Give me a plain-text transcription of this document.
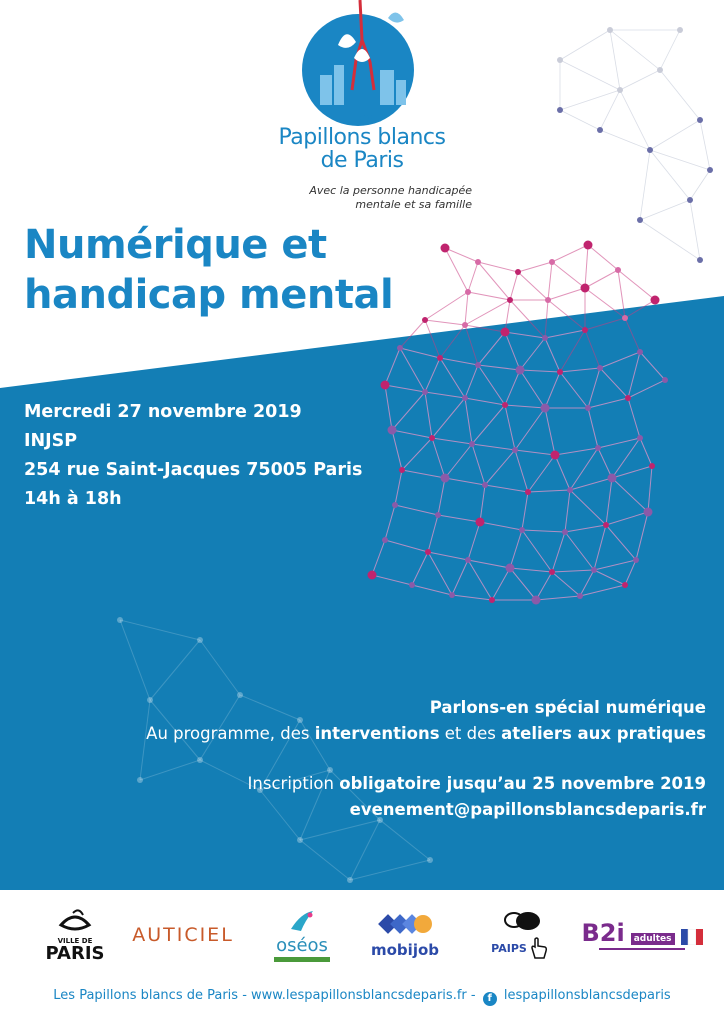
Les
Papillons blancs
de Paris
Avec la personne handicapée
mentale et sa famille
Numérique et
handicap mental
Mercredi 27 novembre 2019
INJSP
254 rue Saint-Jacques 75005 Paris
14h à 18h
Parlons-en spécial numérique
Au programme, des interventions et des ateliers aux pratiques
Inscription obligatoire jusqu’au 25 novembre 2019
evenement@papillonsblancsdeparis.fr
VILLE DE
PARIS
AUTICIEL oséos	mobijob	PAIPS
B2i	adultes
Les Papillons blancs de Paris - www.lespapillonsblancsdeparis.fr - f lespapillonsblancsdeparis
